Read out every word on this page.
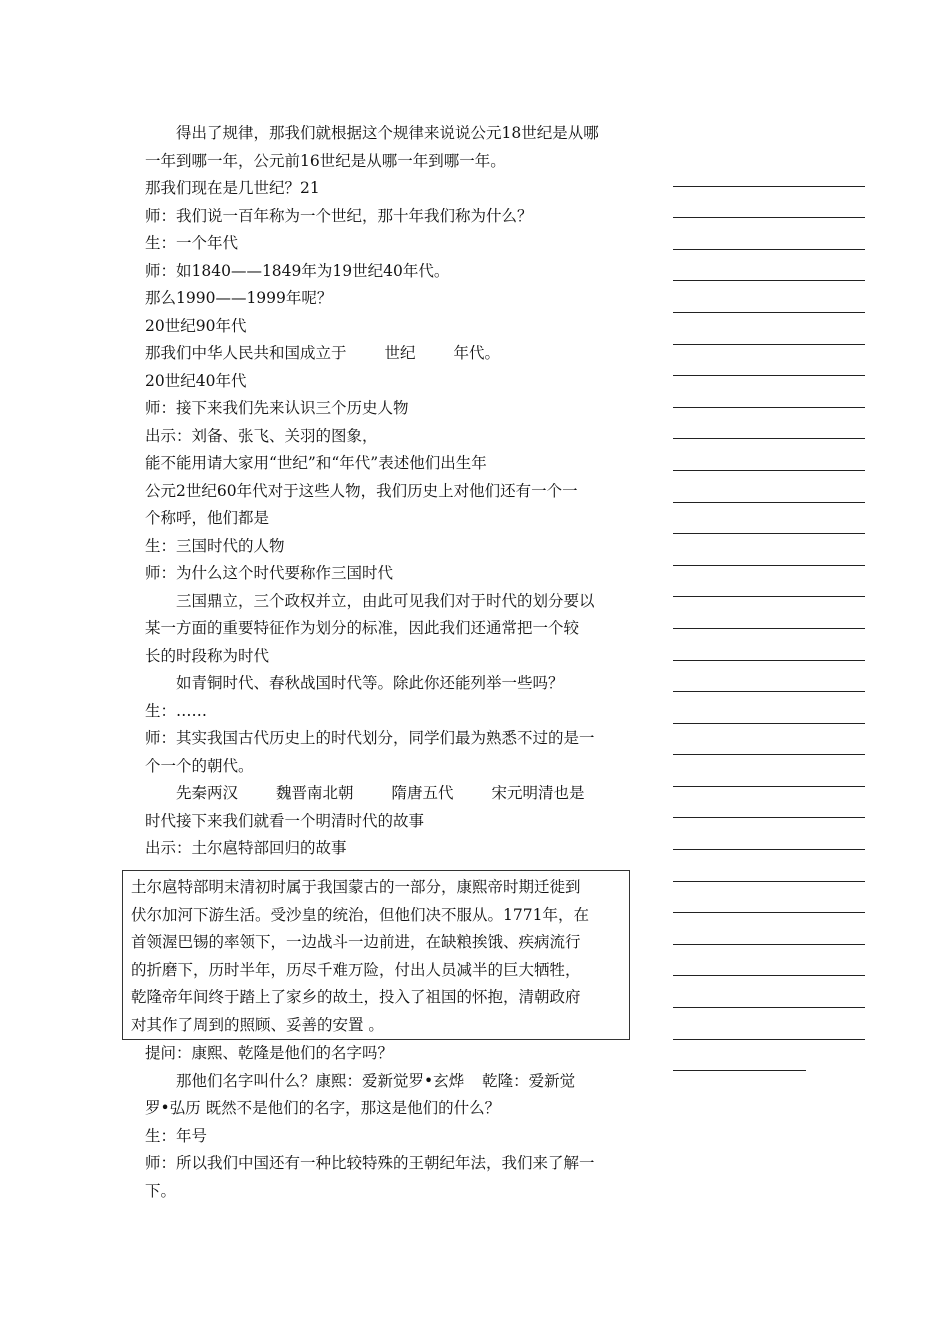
得出了规律，那我们就根据这个规律来说说公元18世纪是从哪
一年到哪一年，公元前16世纪是从哪一年到哪一年。
那我们现在是几世纪？21
师：我们说一百年称为一个世纪，那十年我们称为什么？
生：一个年代
师：如1840——1849年为19世纪40年代。
那么1990——1999年呢？
20世纪90年代
那我们中华人民共和国成立于 世纪 年代。
20世纪40年代
师：接下来我们先来认识三个历史人物
出示：刘备、张飞、关羽的图象，
能不能用请大家用“世纪”和“年代”表述他们出生年
公元2世纪60年代对于这些人物，我们历史上对他们还有一个一
个称呼，他们都是
生：三国时代的人物
师：为什么这个时代要称作三国时代
三国鼎立，三个政权并立，由此可见我们对于时代的划分要以
某一方面的重要特征作为划分的标准，因此我们还通常把一个较
长的时段称为时代
如青铜时代、春秋战国时代等。除此你还能列举一些吗？
生：……
师：其实我国古代历史上的时代划分，同学们最为熟悉不过的是一
个一个的朝代。
先秦两汉 魏晋南北朝 隋唐五代 宋元明清也是
时代接下来我们就看一个明清时代的故事
出示：土尔扈特部回归的故事
土尔扈特部明末清初时属于我国蒙古的一部分，康熙帝时期迁徙到
伏尔加河下游生活。受沙皇的统治，但他们决不服从。1771年，在
首领渥巴锡的率领下，一边战斗一边前进，在缺粮挨饿、疾病流行
的折磨下，历时半年，历尽千难万险，付出人员减半的巨大牺牲，
乾隆帝年间终于踏上了家乡的故土，投入了祖国的怀抱，清朝政府
对其作了周到的照顾、妥善的安置 。
提问：康熙、乾隆是他们的名字吗？
那他们名字叫什么？康熙：爱新觉罗•玄烨 乾隆：爱新觉
罗•弘历 既然不是他们的名字，那这是他们的什么？
生：年号
师：所以我们中国还有一种比较特殊的王朝纪年法，我们来了解一
下。
